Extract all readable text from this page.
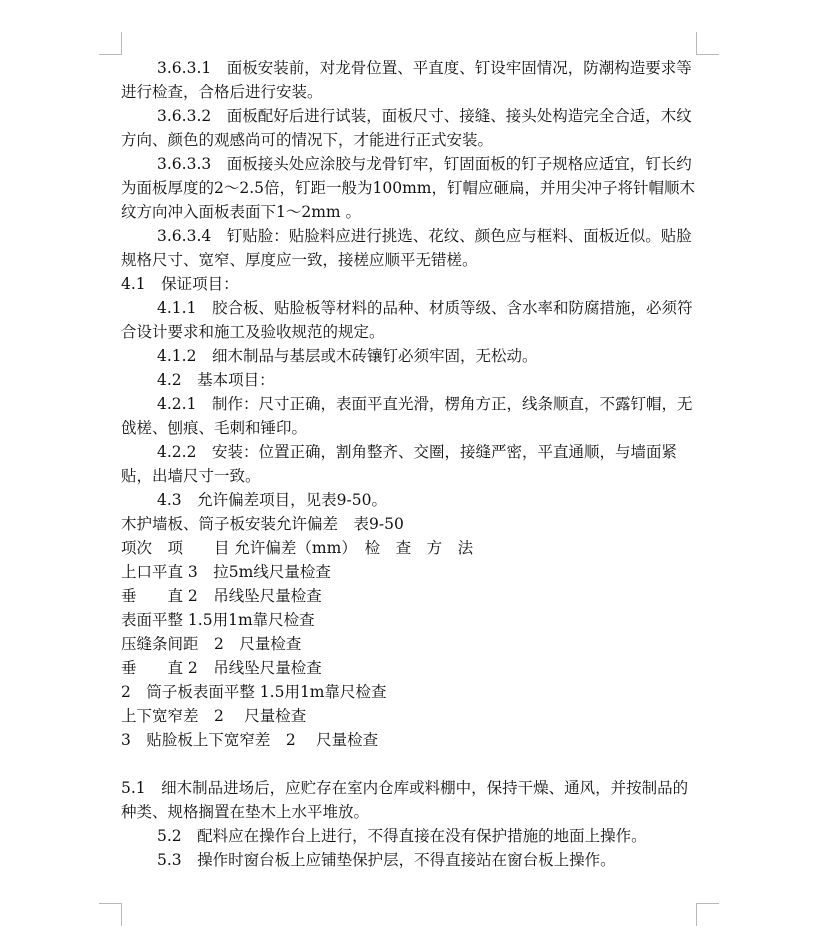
3.6.3.1　面板安装前，对龙骨位置、平直度、钉设牢固情况，防潮构造要求等进行检查，合格后进行安装。

3.6.3.2　面板配好后进行试装，面板尺寸、接缝、接头处构造完全合适，木纹方向、颜色的观感尚可的情况下，才能进行正式安装。

3.6.3.3　面板接头处应涂胶与龙骨钉牢，钉固面板的钉子规格应适宜，钉长约为面板厚度的2～2.5倍，钉距一般为100mm，钉帽应砸扁，并用尖冲子将针帽顺木纹方向冲入面板表面下1～2mm 。

3.6.3.4　钉贴脸：贴脸料应进行挑选、花纹、颜色应与框料、面板近似。贴脸规格尺寸、宽窄、厚度应一致，接槎应顺平无错槎。

4.1　保证项目：

4.1.1　胶合板、贴脸板等材料的品种、材质等级、含水率和防腐措施，必须符合设计要求和施工及验收规范的规定。

4.1.2　细木制品与基层或木砖镶钉必须牢固，无松动。

4.2　基本项目：

4.2.1　制作：尺寸正确，表面平直光滑，楞角方正，线条顺直，不露钉帽，无戗槎、刨痕、毛刺和锤印。

4.2.2　安装：位置正确，割角整齐、交圈，接缝严密，平直通顺，与墙面紧贴，出墙尺寸一致。

4.3　允许偏差项目，见表9-50。

木护墙板、筒子板安装允许偏差　表9-50

项次　项　　目 允许偏差（mm）　检　查　方　法

上口平直 3　拉5m线尺量检查

垂　　直 2　吊线坠尺量检查

表面平整 1.5用1m靠尺检查

压缝条间距　2　尺量检查

垂　　直 2　吊线坠尺量检查

2　筒子板表面平整 1.5用1m靠尺检查

上下宽窄差　2　 尺量检查

3　贴脸板上下宽窄差　2　 尺量检查

5.1　细木制品进场后，应贮存在室内仓库或料棚中，保持干燥、通风，并按制品的种类、规格搁置在垫木上水平堆放。

5.2　配料应在操作台上进行，不得直接在没有保护措施的地面上操作。

5.3　操作时窗台板上应铺垫保护层，不得直接站在窗台板上操作。
